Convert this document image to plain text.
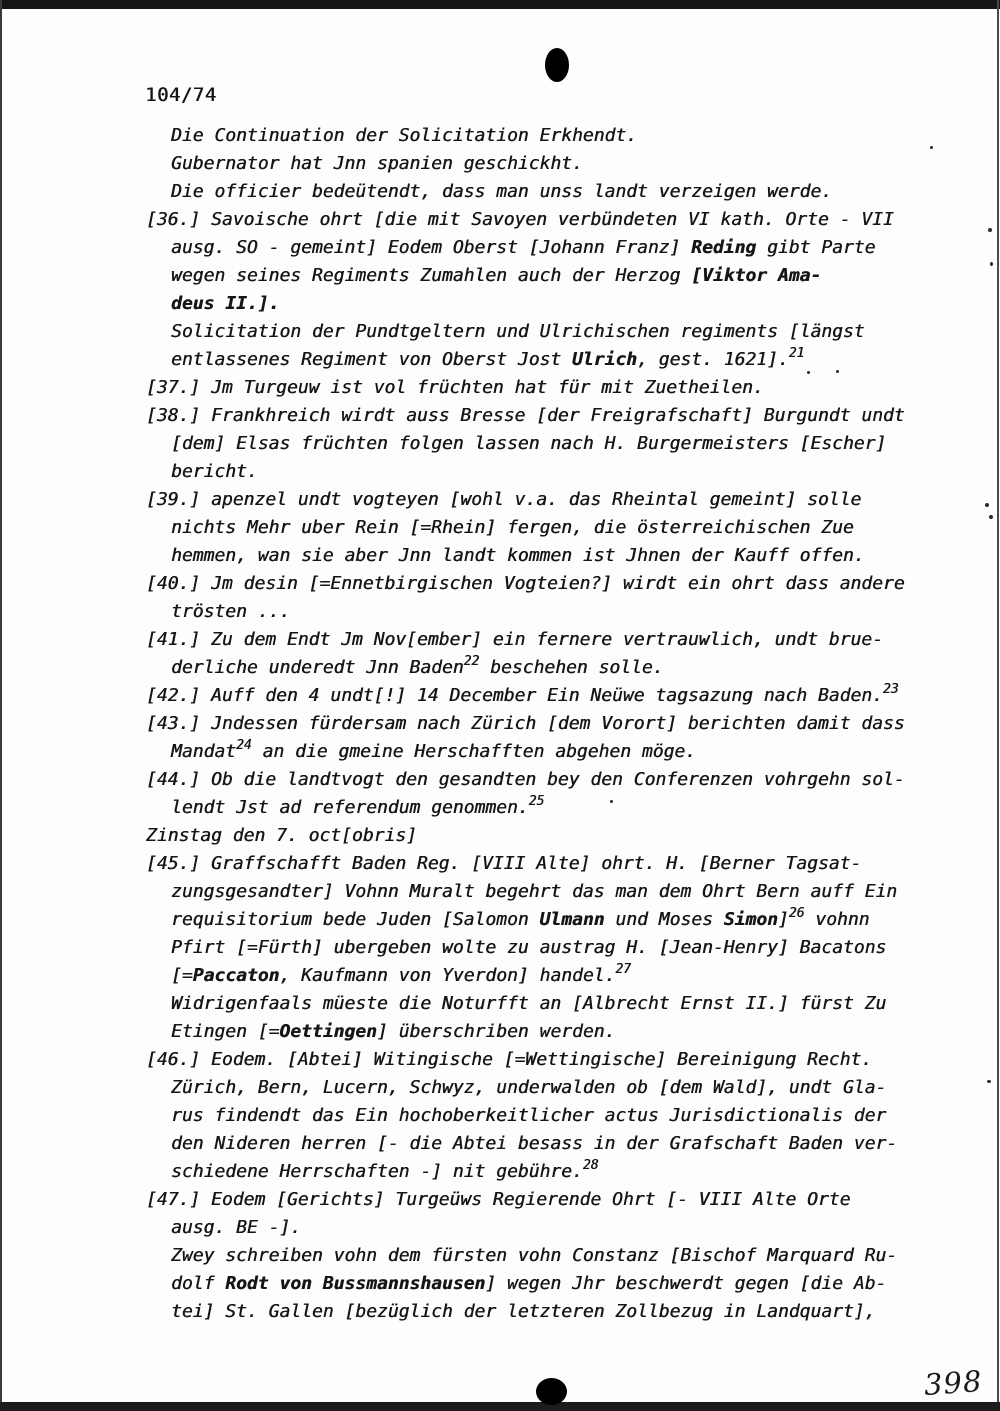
104/74
Die Continuation der Solicitation Erkhendt.
Gubernator hat Jnn spanien geschickht.
Die officier bedeütendt, dass man unss landt verzeigen werde.
[36.] Savoische ohrt [die mit Savoyen verbündeten VI kath. Orte - VII
ausg. SO - gemeint] Eodem Oberst [Johann Franz] Reding gibt Parte
wegen seines Regiments Zumahlen auch der Herzog [Viktor Ama-
deus II.].
Solicitation der Pundtgeltern und Ulrichischen regiments [längst
entlassenes Regiment von Oberst Jost Ulrich, gest. 1621].$^{21}$
[37.] Jm Turgeuw ist vol früchten hat für mit Zuetheilen.
[38.] Frankhreich wirdt auss Bresse [der Freigrafschaft] Burgundt undt
[dem] Elsas früchten folgen lassen nach H. Burgermeisters [Escher]
bericht.
[39.] apenzel undt vogteyen [wohl v.a. das Rheintal gemeint] solle
nichts Mehr uber Rein [=Rhein] fergen, die österreichischen Zue
hemmen, wan sie aber Jnn landt kommen ist Jhnen der Kauff offen.
[40.] Jm desin [=Ennetbirgischen Vogteien?] wirdt ein ohrt dass andere
trösten ...
[41.] Zu dem Endt Jm Nov[ember] ein fernere vertrauwlich, undt brue-
derliche underedt Jnn Baden$^{22}$ beschehen solle.
[42.] Auff den 4 undt[!] 14 December Ein Neüwe tagsazung nach Baden.$^{23}$
[43.] Jndessen fürdersam nach Zürich [dem Vorort] berichten damit dass
Mandat$^{24}$ an die gmeine Herschafften abgehen möge.
[44.] Ob die landtvogt den gesandten bey den Conferenzen vohrgehn sol-
lendt Jst ad referendum genommen.$^{25}$
Zinstag den 7. oct[obris]
[45.] Graffschafft Baden Reg. [VIII Alte] ohrt. H. [Berner Tagsat-
zungsgesandter] Vohnn Muralt begehrt das man dem Ohrt Bern auff Ein
requisitorium bede Juden [Salomon Ulmann und Moses Simon]$^{26}$ vohnn
Pfirt [=Fürth] ubergeben wolte zu austrag H. [Jean-Henry] Bacatons
[=Paccaton, Kaufmann von Yverdon] handel.$^{27}$
Widrigenfaals müeste die Noturfft an [Albrecht Ernst II.] fürst Zu
Etingen [=Oettingen] überschriben werden.
[46.] Eodem. [Abtei] Witingische [=Wettingische] Bereinigung Recht.
Zürich, Bern, Lucern, Schwyz, underwalden ob [dem Wald], undt Gla-
rus findendt das Ein hochoberkeitlicher actus Jurisdictionalis der
den Nideren herren [- die Abtei besass in der Grafschaft Baden ver-
schiedene Herrschaften -] nit gebühre.$^{28}$
[47.] Eodem [Gerichts] Turgeüws Regierende Ohrt [- VIII Alte Orte
ausg. BE -].
Zwey schreiben vohn dem fürsten vohn Constanz [Bischof Marquard Ru-
dolf Rodt von Bussmannshausen] wegen Jhr beschwerdt gegen [die Ab-
tei] St. Gallen [bezüglich der letzteren Zollbezug in Landquart],
398
